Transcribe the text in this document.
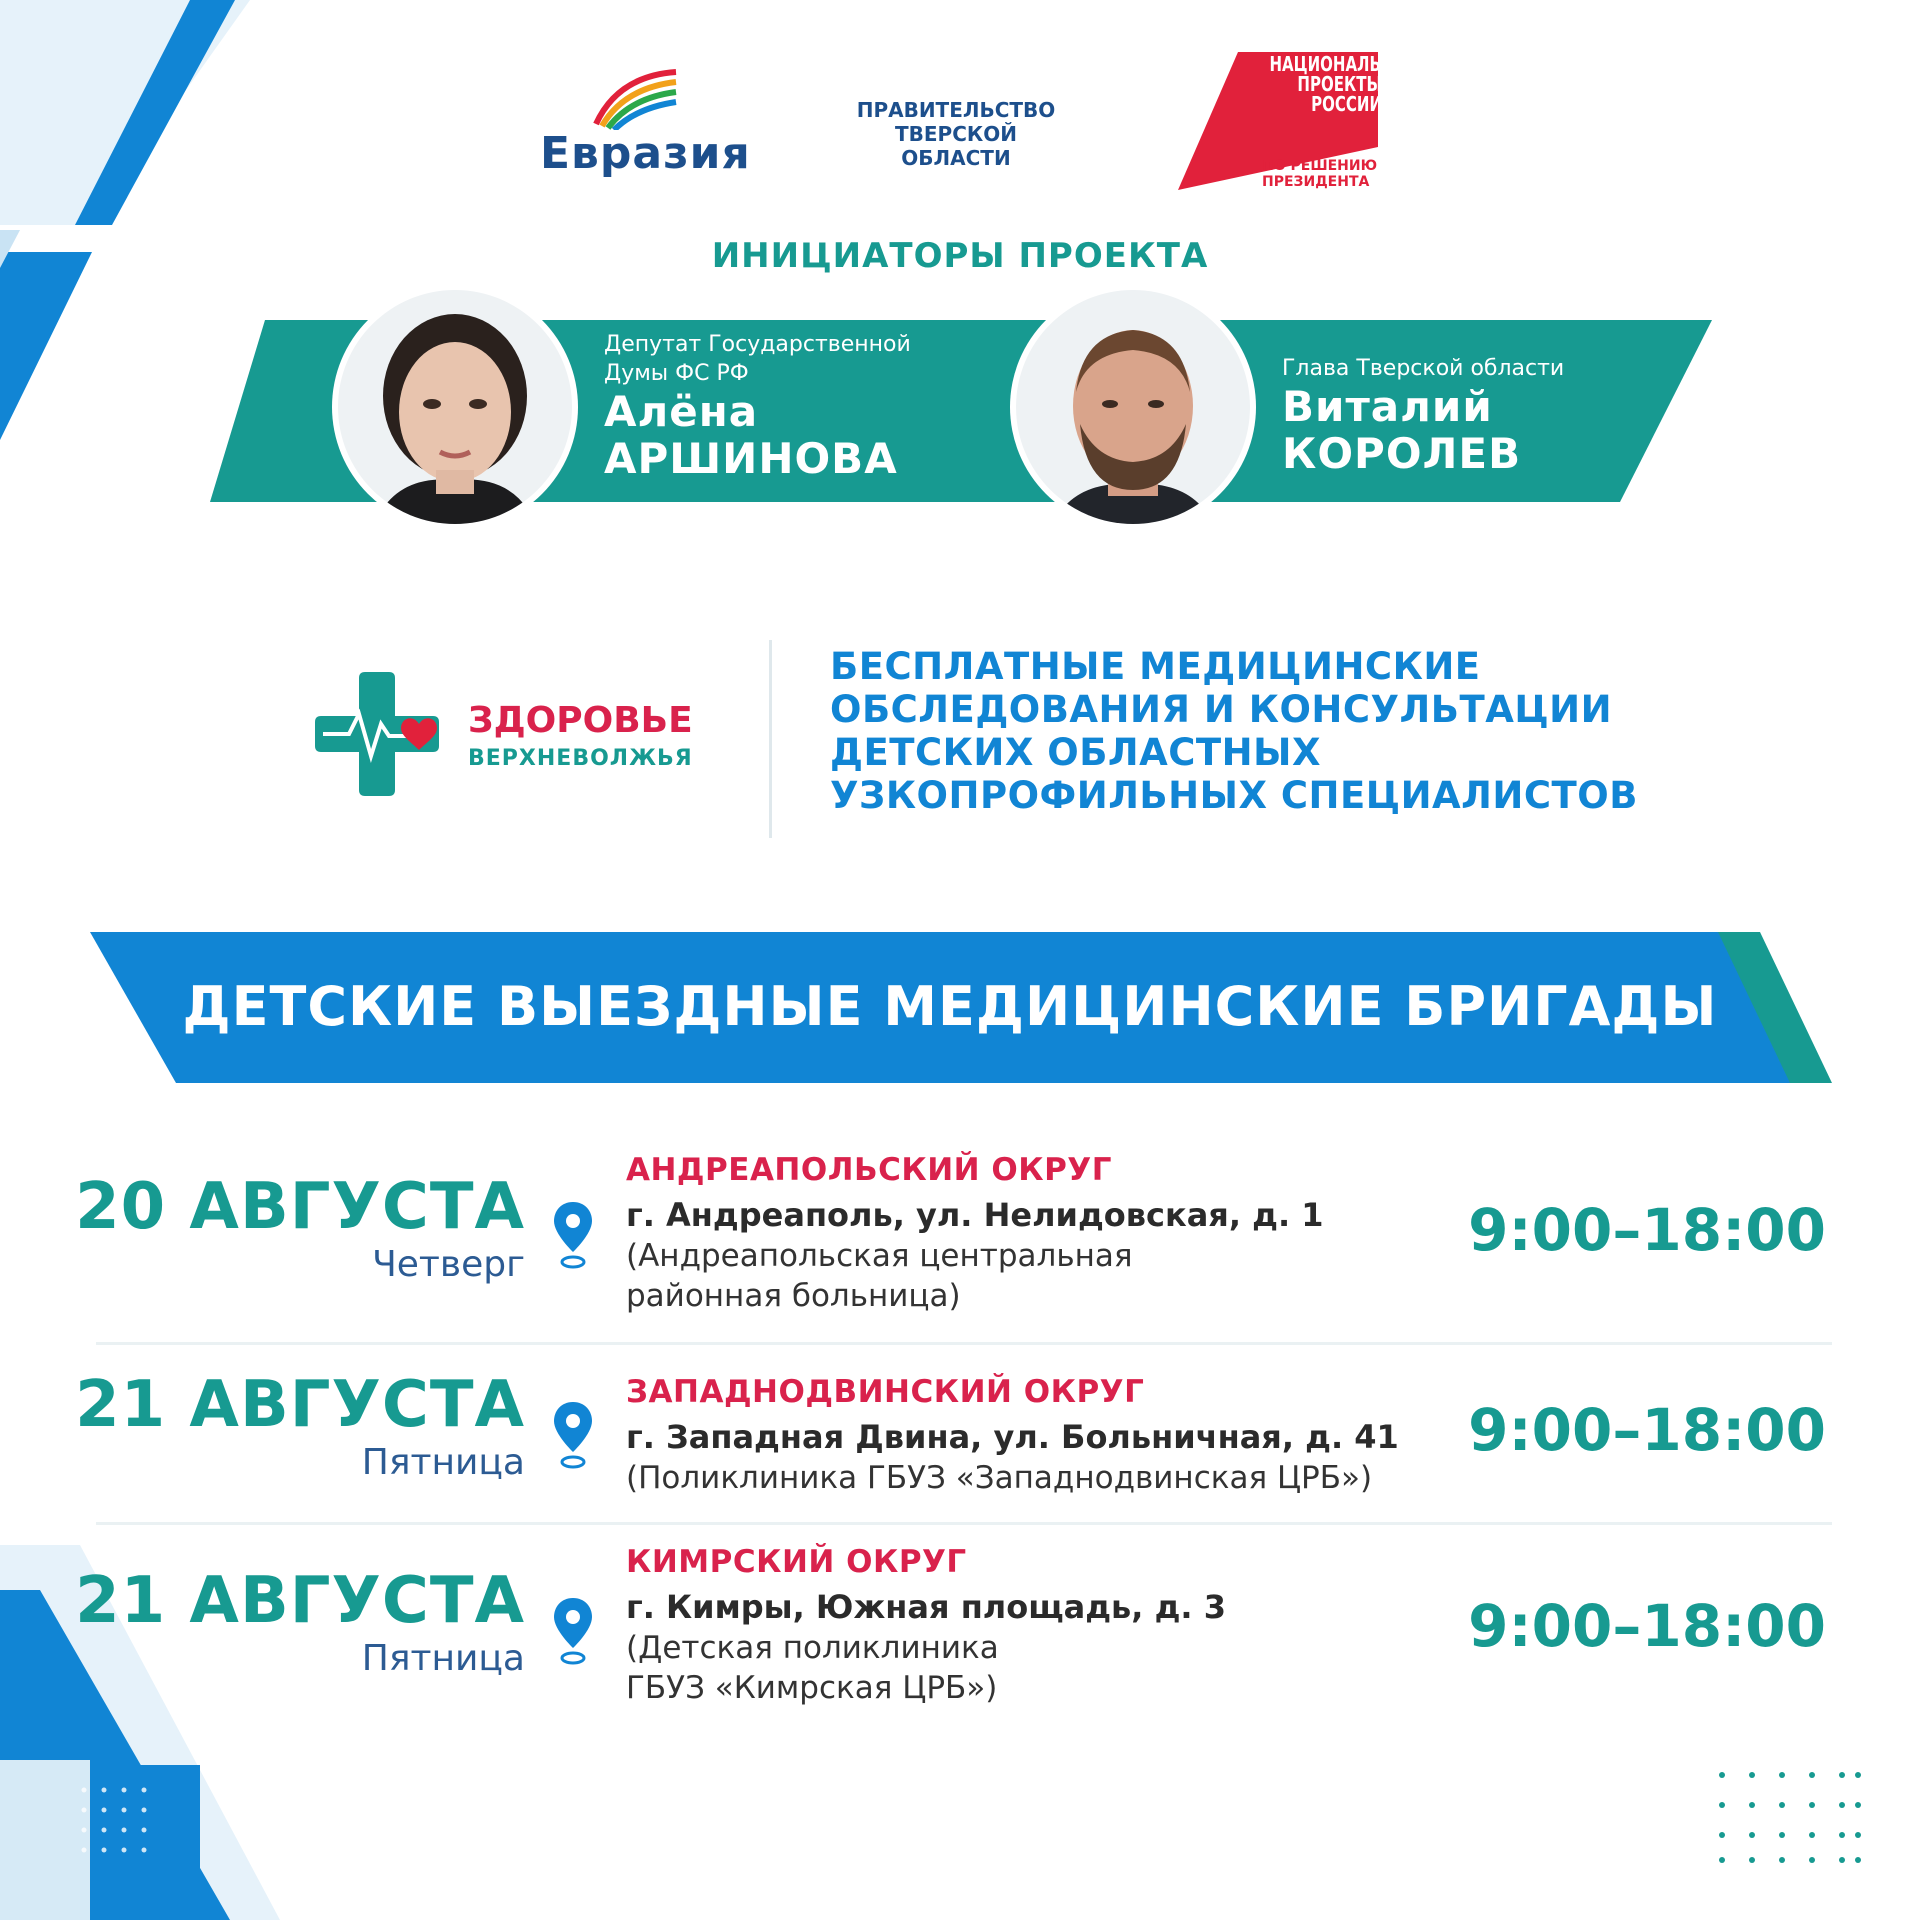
Евразия
ПРАВИТЕЛЬСТВО
ТВЕРСКОЙ
ОБЛАСТИ
НАЦИОНАЛЬНЫЕ
ПРОЕКТЫ
РОССИИ
ПО РЕШЕНИЮ
ПРЕЗИДЕНТА
ИНИЦИАТОРЫ ПРОЕКТА
Депутат Государственной
Думы ФС РФ
Алёна
АРШИНОВА
Глава Тверской области
Виталий
КОРОЛЕВ
ЗДОРОВЬЕ
ВЕРХНЕВОЛЖЬЯ
БЕСПЛАТНЫЕ МЕДИЦИНСКИЕ
ОБСЛЕДОВАНИЯ И КОНСУЛЬТАЦИИ
ДЕТСКИХ ОБЛАСТНЫХ
УЗКОПРОФИЛЬНЫХ СПЕЦИАЛИСТОВ
ДЕТСКИЕ ВЫЕЗДНЫЕ МЕДИЦИНСКИЕ БРИГАДЫ
20 АВГУСТА
Четверг
АНДРЕАПОЛЬСКИЙ ОКРУГ
г. Андреаполь, ул. Нелидовская, д. 1
(Андреапольская центральная
районная больница)
9:00–18:00
21 АВГУСТА
Пятница
ЗАПАДНОДВИНСКИЙ ОКРУГ
г. Западная Двина, ул. Больничная, д. 41
(Поликлиника ГБУЗ «Западнодвинская ЦРБ»)
9:00–18:00
21 АВГУСТА
Пятница
КИМРСКИЙ ОКРУГ
г. Кимры, Южная площадь, д. 3
(Детская поликлиника
ГБУЗ «Кимрская ЦРБ»)
9:00–18:00
